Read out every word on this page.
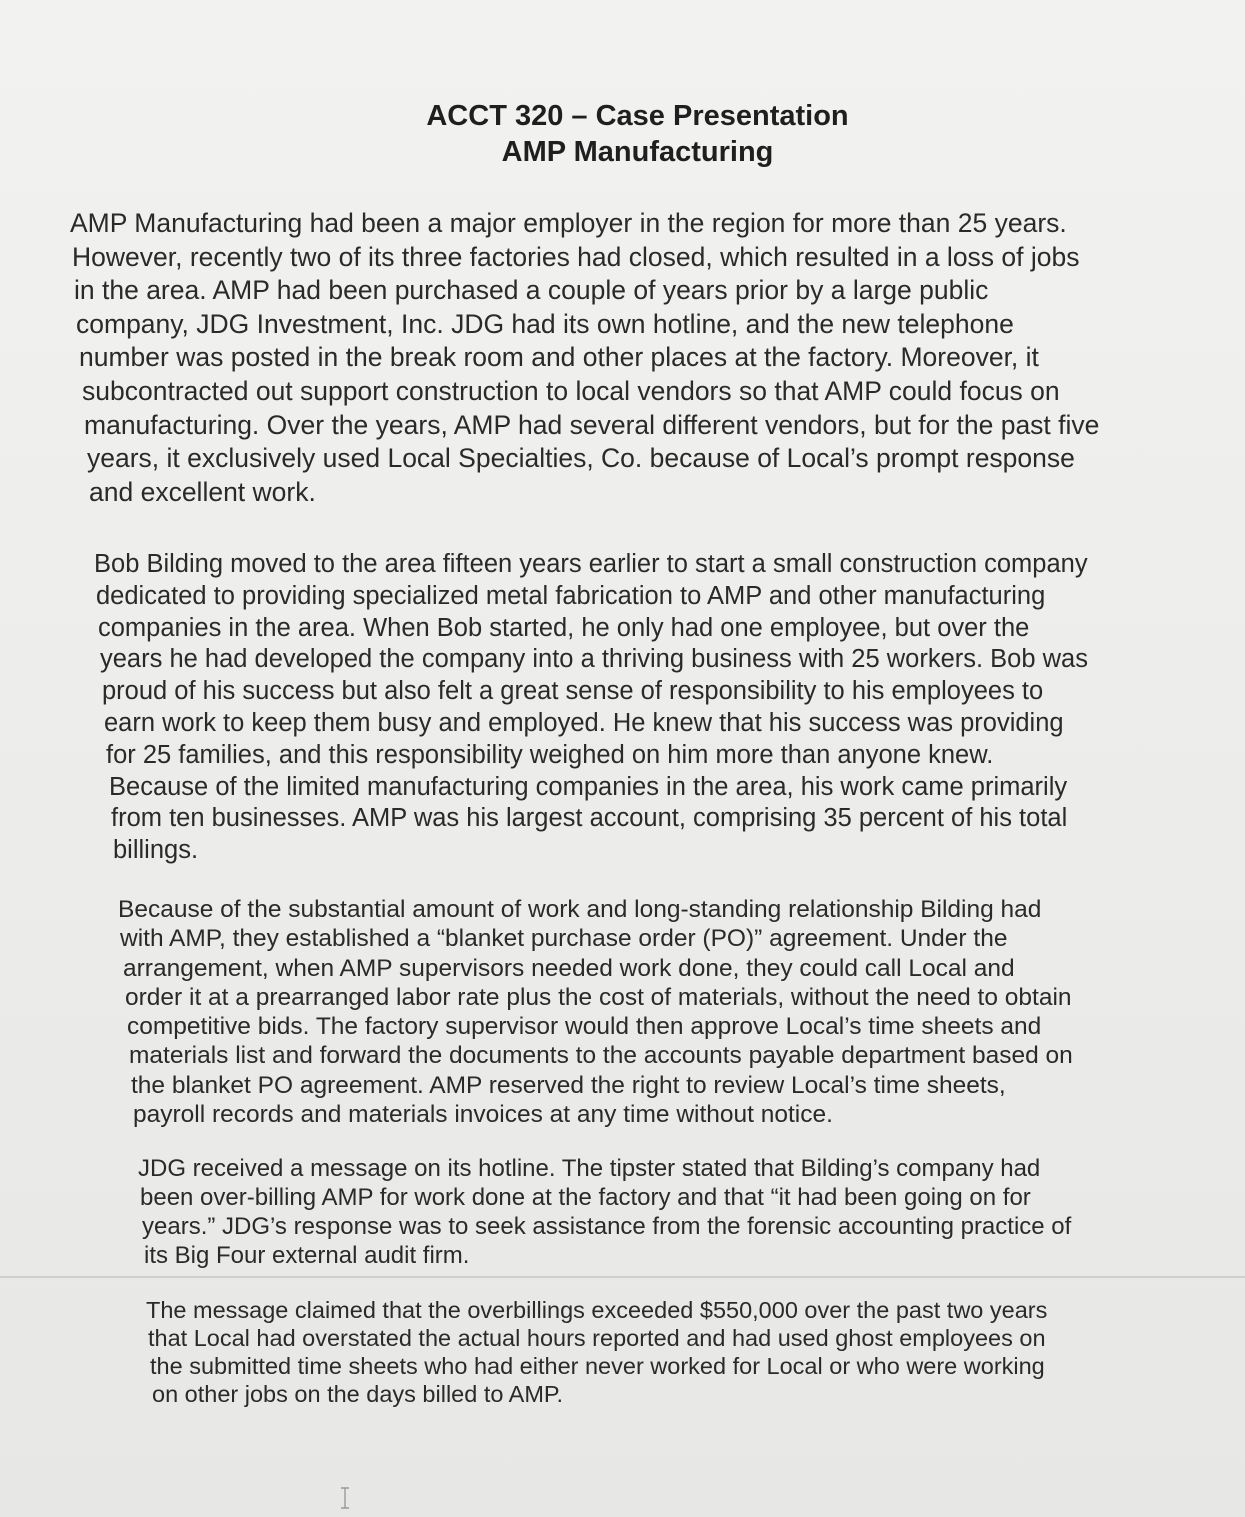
ACCT 320 – Case Presentation
AMP Manufacturing

AMP Manufacturing had been a major employer in the region for more than 25 years.
However, recently two of its three factories had closed, which resulted in a loss of jobs
in the area. AMP had been purchased a couple of years prior by a large public
company, JDG Investment, Inc. JDG had its own hotline, and the new telephone
number was posted in the break room and other places at the factory. Moreover, it
subcontracted out support construction to local vendors so that AMP could focus on
manufacturing. Over the years, AMP had several different vendors, but for the past five
years, it exclusively used Local Specialties, Co. because of Local’s prompt response
and excellent work.

Bob Bilding moved to the area fifteen years earlier to start a small construction company
dedicated to providing specialized metal fabrication to AMP and other manufacturing
companies in the area. When Bob started, he only had one employee, but over the
years he had developed the company into a thriving business with 25 workers. Bob was
proud of his success but also felt a great sense of responsibility to his employees to
earn work to keep them busy and employed. He knew that his success was providing
for 25 families, and this responsibility weighed on him more than anyone knew.
Because of the limited manufacturing companies in the area, his work came primarily
from ten businesses. AMP was his largest account, comprising 35 percent of his total
billings.

Because of the substantial amount of work and long-standing relationship Bilding had
with AMP, they established a “blanket purchase order (PO)” agreement. Under the
arrangement, when AMP supervisors needed work done, they could call Local and
order it at a prearranged labor rate plus the cost of materials, without the need to obtain
competitive bids. The factory supervisor would then approve Local’s time sheets and
materials list and forward the documents to the accounts payable department based on
the blanket PO agreement. AMP reserved the right to review Local’s time sheets,
payroll records and materials invoices at any time without notice.

JDG received a message on its hotline. The tipster stated that Bilding’s company had
been over-billing AMP for work done at the factory and that “it had been going on for
years.” JDG’s response was to seek assistance from the forensic accounting practice of
its Big Four external audit firm.

The message claimed that the overbillings exceeded $550,000 over the past two years
that Local had overstated the actual hours reported and had used ghost employees on
the submitted time sheets who had either never worked for Local or who were working
on other jobs on the days billed to AMP.
